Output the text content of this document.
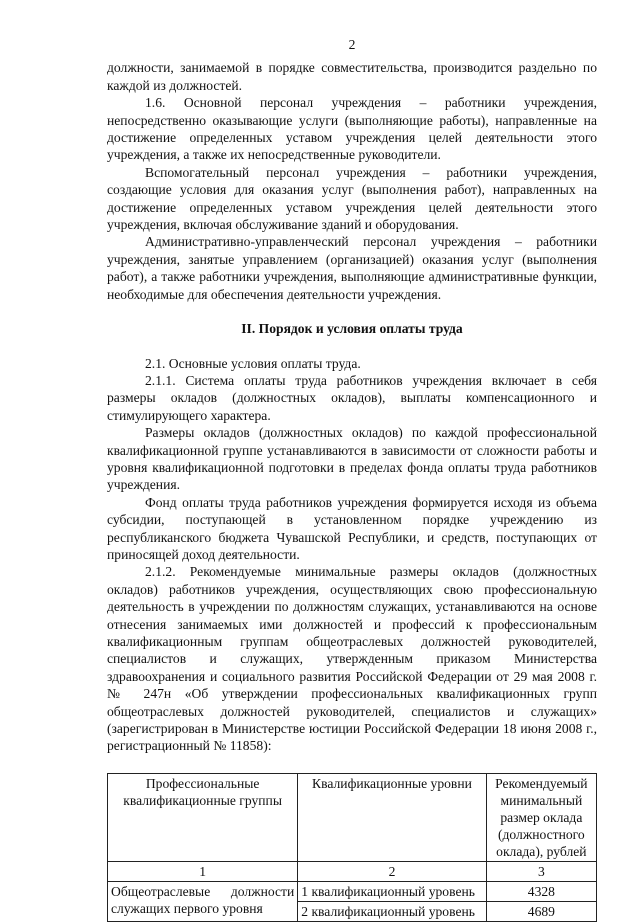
2

должности, занимаемой в порядке совместительства, производится раздельно по каждой из должностей.

1.6. Основной персонал учреждения – работники учреждения, непосредственно оказывающие услуги (выполняющие работы), направленные на достижение определенных уставом учреждения целей деятельности этого учреждения, а также их непосредственные руководители.

Вспомогательный персонал учреждения – работники учреждения, создающие условия для оказания услуг (выполнения работ), направленных на достижение определенных уставом учреждения целей деятельности этого учреждения, включая обслуживание зданий и оборудования.

Административно-управленческий персонал учреждения – работники учреждения, занятые управлением (организацией) оказания услуг (выполнения работ), а также работники учреждения, выполняющие административные функции, необходимые для обеспечения деятельности учреждения.

II. Порядок и условия оплаты труда

2.1. Основные условия оплаты труда.

2.1.1. Система оплаты труда работников учреждения включает в себя размеры окладов (должностных окладов), выплаты компенсационного и стимулирующего характера.

Размеры окладов (должностных окладов) по каждой профессиональной квалификационной группе устанавливаются в зависимости от сложности работы и уровня квалификационной подготовки в пределах фонда оплаты труда работников учреждения.

Фонд оплаты труда работников учреждения формируется исходя из объема субсидии, поступающей в установленном порядке учреждению из республиканского бюджета Чувашской Республики, и средств, поступающих от приносящей доход деятельности.

2.1.2. Рекомендуемые минимальные размеры окладов (должностных окладов) работников учреждения, осуществляющих свою профессиональную деятельность в учреждении по должностям служащих, устанавливаются на основе отнесения занимаемых ими должностей и профессий к профессиональным квалификационным группам общеотраслевых должностей руководителей, специалистов и служащих, утвержденным приказом Министерства здравоохранения и социального развития Российской Федерации от 29 мая 2008 г. № 247н «Об утверждении профессиональных квалификационных групп общеотраслевых должностей руководителей, специалистов и служащих» (зарегистрирован в Министерстве юстиции Российской Федерации 18 июня 2008 г., регистрационный № 11858):

Профессиональные квалификационные группы	Квалификационные уровни	Рекомендуемый минимальный размер оклада (должностного оклада), рублей
1	2	3
Общеотраслевые должности служащих первого уровня	1 квалификационный уровень	4328
	2 квалификационный уровень	4689
